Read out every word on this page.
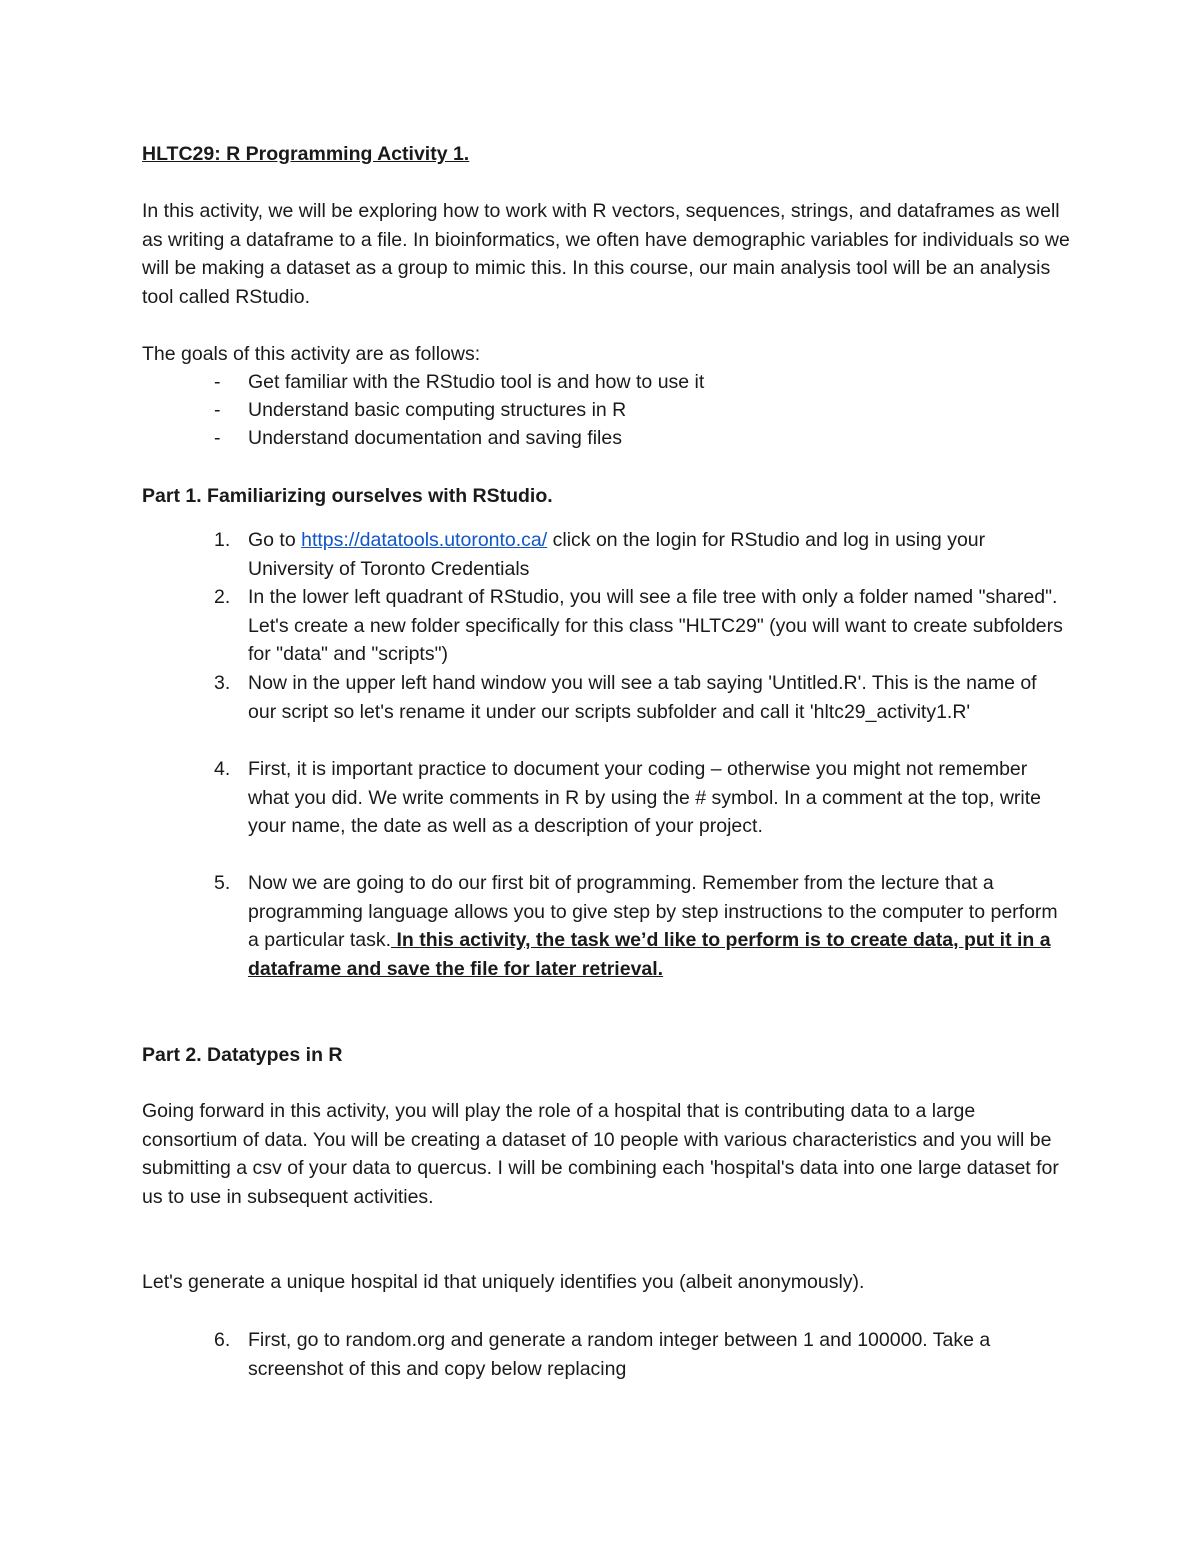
HLTC29: R Programming Activity 1.

In this activity, we will be exploring how to work with R vectors, sequences, strings, and dataframes as well as writing a dataframe to a file. In bioinformatics, we often have demographic variables for individuals so we will be making a dataset as a group to mimic this. In this course, our main analysis tool will be an analysis tool called RStudio.

The goals of this activity are as follows:

-	Get familiar with the RStudio tool is and how to use it
-	Understand basic computing structures in R
-	Understand documentation and saving files

Part 1. Familiarizing ourselves with RStudio.

1. Go to https://datatools.utoronto.ca/ click on the login for RStudio and log in using your University of Toronto Credentials
2. In the lower left quadrant of RStudio, you will see a file tree with only a folder named "shared". Let's create a new folder specifically for this class "HLTC29" (you will want to create subfolders for "data" and "scripts")
3. Now in the upper left hand window you will see a tab saying 'Untitled.R'. This is the name of our script so let's rename it under our scripts subfolder and call it 'hltc29_activity1.R'
4. First, it is important practice to document your coding – otherwise you might not remember what you did. We write comments in R by using the # symbol. In a comment at the top, write your name, the date as well as a description of your project.
5. Now we are going to do our first bit of programming. Remember from the lecture that a programming language allows you to give step by step instructions to the computer to perform a particular task. In this activity, the task we’d like to perform is to create data, put it in a dataframe and save the file for later retrieval.

Part 2. Datatypes in R

Going forward in this activity, you will play the role of a hospital that is contributing data to a large consortium of data. You will be creating a dataset of 10 people with various characteristics and you will be submitting a csv of your data to quercus. I will be combining each 'hospital's data into one large dataset for us to use in subsequent activities.

Let's generate a unique hospital id that uniquely identifies you (albeit anonymously).

6. First, go to random.org and generate a random integer between 1 and 100000. Take a screenshot of this and copy below replacing
